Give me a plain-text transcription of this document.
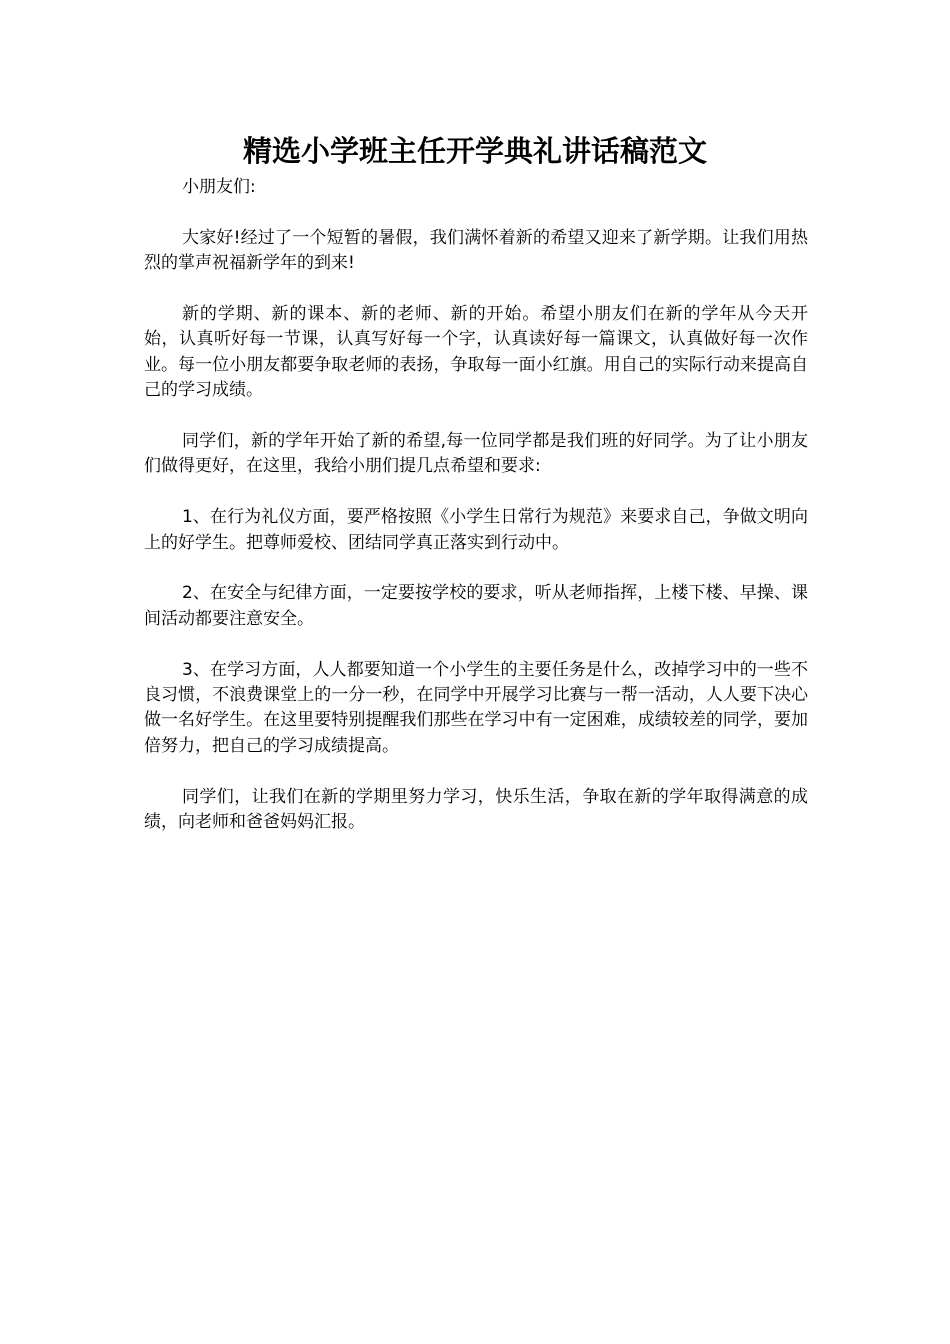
精选小学班主任开学典礼讲话稿范文

小朋友们:

大家好!经过了一个短暂的暑假，我们满怀着新的希望又迎来了新学期。让我们用热烈的掌声祝福新学年的到来!

新的学期、新的课本、新的老师、新的开始。希望小朋友们在新的学年从今天开始，认真听好每一节课，认真写好每一个字，认真读好每一篇课文，认真做好每一次作业。每一位小朋友都要争取老师的表扬，争取每一面小红旗。用自己的实际行动来提高自己的学习成绩。

同学们，新的学年开始了新的希望,每一位同学都是我们班的好同学。为了让小朋友们做得更好，在这里，我给小朋们提几点希望和要求:

1、在行为礼仪方面，要严格按照《小学生日常行为规范》来要求自己，争做文明向上的好学生。把尊师爱校、团结同学真正落实到行动中。

2、在安全与纪律方面，一定要按学校的要求，听从老师指挥，上楼下楼、早操、课间活动都要注意安全。

3、在学习方面，人人都要知道一个小学生的主要任务是什么，改掉学习中的一些不良习惯，不浪费课堂上的一分一秒，在同学中开展学习比赛与一帮一活动，人人要下决心做一名好学生。在这里要特别提醒我们那些在学习中有一定困难，成绩较差的同学，要加倍努力，把自己的学习成绩提高。

同学们，让我们在新的学期里努力学习，快乐生活，争取在新的学年取得满意的成绩，向老师和爸爸妈妈汇报。
